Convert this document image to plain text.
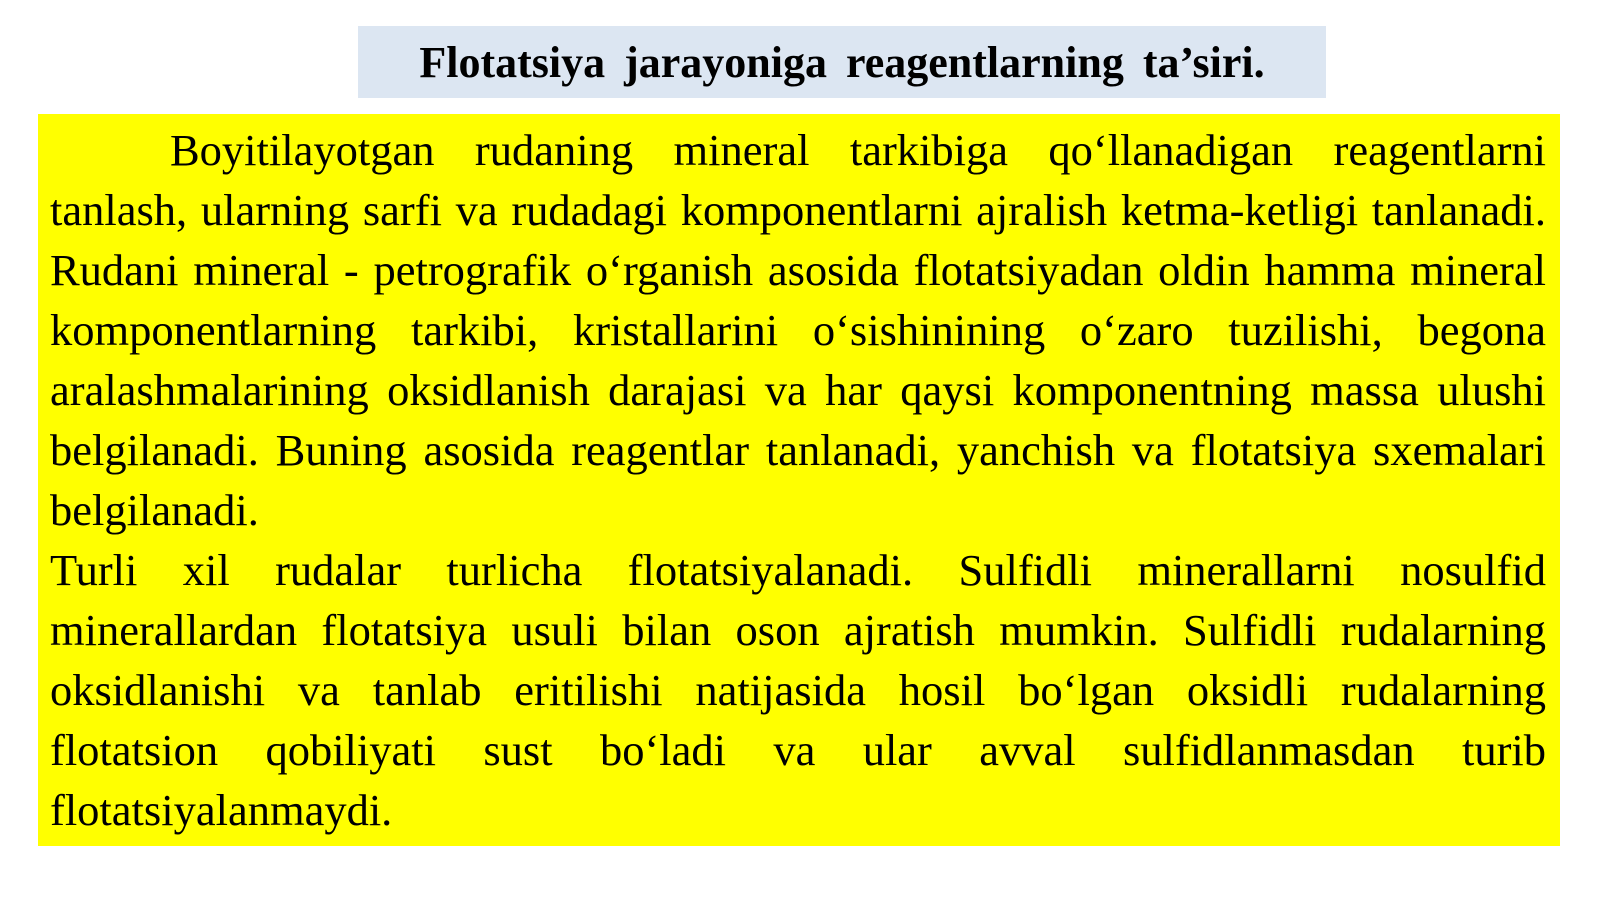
Flotatsiya jarayoniga reagentlarning ta’siri.

Boyitilayotgan rudaning mineral tarkibiga qo‘llanadigan reagentlarni tanlash, ularning sarfi va rudadagi komponentlarni ajralish ketma-ketligi tanlanadi. Rudani mineral - petrografik o‘rganish asosida flotatsiyadan oldin hamma mineral komponentlarning tarkibi, kristallarini o‘sishinining o‘zaro tuzilishi, begona aralashmalarining oksidlanish darajasi va har qaysi komponentning massa ulushi belgilanadi. Buning asosida reagentlar tanlanadi, yanchish va flotatsiya sxemalari belgilanadi.

Turli xil rudalar turlicha flotatsiyalanadi. Sulfidli minerallarni nosulfid minerallardan flotatsiya usuli bilan oson ajratish mumkin. Sulfidli rudalarning oksidlanishi va tanlab eritilishi natijasida hosil bo‘lgan oksidli rudalarning flotatsion qobiliyati sust bo‘ladi va ular avval sulfidlanmasdan turib flotatsiyalanmaydi.
